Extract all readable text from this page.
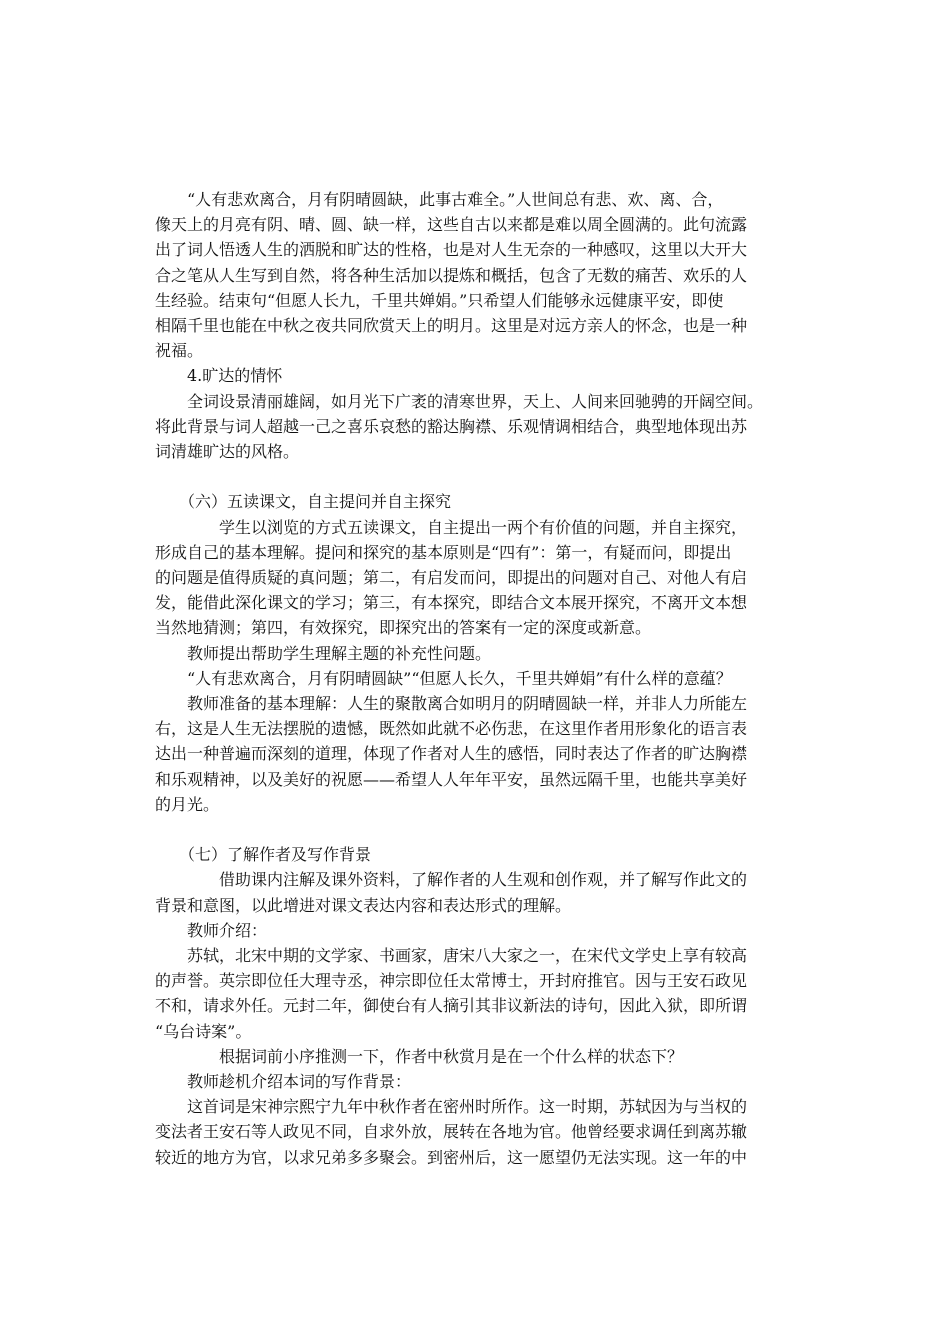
　　“人有悲欢离合，月有阴晴圆缺，此事古难全。”人世间总有悲、欢、离、合，
像天上的月亮有阴、晴、圆、缺一样，这些自古以来都是难以周全圆满的。此句流露
出了词人悟透人生的洒脱和旷达的性格，也是对人生无奈的一种感叹，这里以大开大
合之笔从人生写到自然，将各种生活加以提炼和概括，包含了无数的痛苦、欢乐的人
生经验。结束句“但愿人长九，千里共婵娟。”只希望人们能够永远健康平安，即使
相隔千里也能在中秋之夜共同欣赏天上的明月。这里是对远方亲人的怀念，也是一种
祝福。
　　4.旷达的情怀
　　全词设景清丽雄阔，如月光下广袤的清寒世界，天上、人间来回驰骋的开阔空间。
将此背景与词人超越一己之喜乐哀愁的豁达胸襟、乐观情调相结合，典型地体现出苏
词清雄旷达的风格。
　　（六）五读课文，自主提问并自主探究
　　　　学生以浏览的方式五读课文，自主提出一两个有价值的问题，并自主探究，
形成自己的基本理解。提问和探究的基本原则是“四有”：第一，有疑而问，即提出
的问题是值得质疑的真问题；第二，有启发而问，即提出的问题对自己、对他人有启
发，能借此深化课文的学习；第三，有本探究，即结合文本展开探究，不离开文本想
当然地猜测；第四，有效探究，即探究出的答案有一定的深度或新意。
　　教师提出帮助学生理解主题的补充性问题。
　　“人有悲欢离合，月有阴晴圆缺”“但愿人长久，千里共婵娟”有什么样的意蕴？
　　教师准备的基本理解：人生的聚散离合如明月的阴晴圆缺一样，并非人力所能左
右，这是人生无法摆脱的遗憾，既然如此就不必伤悲，在这里作者用形象化的语言表
达出一种普遍而深刻的道理，体现了作者对人生的感悟，同时表达了作者的旷达胸襟
和乐观精神，以及美好的祝愿——希望人人年年平安，虽然远隔千里，也能共享美好
的月光。
　　（七）了解作者及写作背景
　　　　借助课内注解及课外资料，了解作者的人生观和创作观，并了解写作此文的
背景和意图，以此增进对课文表达内容和表达形式的理解。
　　教师介绍：
　　苏轼，北宋中期的文学家、书画家，唐宋八大家之一，在宋代文学史上享有较高
的声誉。英宗即位任大理寺丞，神宗即位任太常博士，开封府推官。因与王安石政见
不和，请求外任。元封二年，御使台有人摘引其非议新法的诗句，因此入狱，即所谓
“乌台诗案”。
　　　　根据词前小序推测一下，作者中秋赏月是在一个什么样的状态下？
　　教师趁机介绍本词的写作背景：
　　这首词是宋神宗熙宁九年中秋作者在密州时所作。这一时期，苏轼因为与当权的
变法者王安石等人政见不同，自求外放，展转在各地为官。他曾经要求调任到离苏辙
较近的地方为官，以求兄弟多多聚会。到密州后，这一愿望仍无法实现。这一年的中
